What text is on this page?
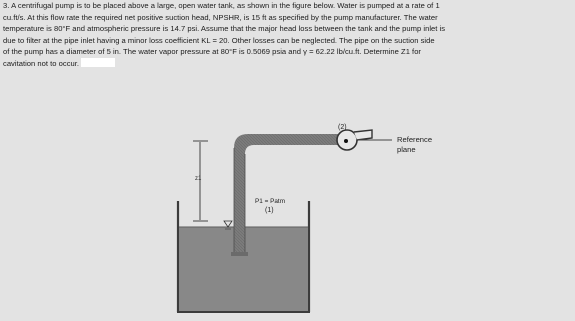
3. A centrifugal pump is to be placed above a large, open water tank, as shown in the figure below. Water is pumped at a rate of 1
cu.ft/s. At this flow rate the required net positive suction head, NPSHR, is 15 ft as specified by the pump manufacturer. The water
temperature is 80°F and atmospheric pressure is 14.7 psi. Assume that the major head loss between the tank and the pump inlet is
due to filter at the pipe inlet having a minor loss coefficient KL = 20. Other losses can be neglected. The pipe on the suction side
of the pump has a diameter of 5 in. The water vapor pressure at 80°F is 0.5069 psia and γ = 62.22 lb/cu.ft. Determine Z1 for
cavitation not to occur.

(2)
Reference
plane
z1
P1 = Patm
(1)
